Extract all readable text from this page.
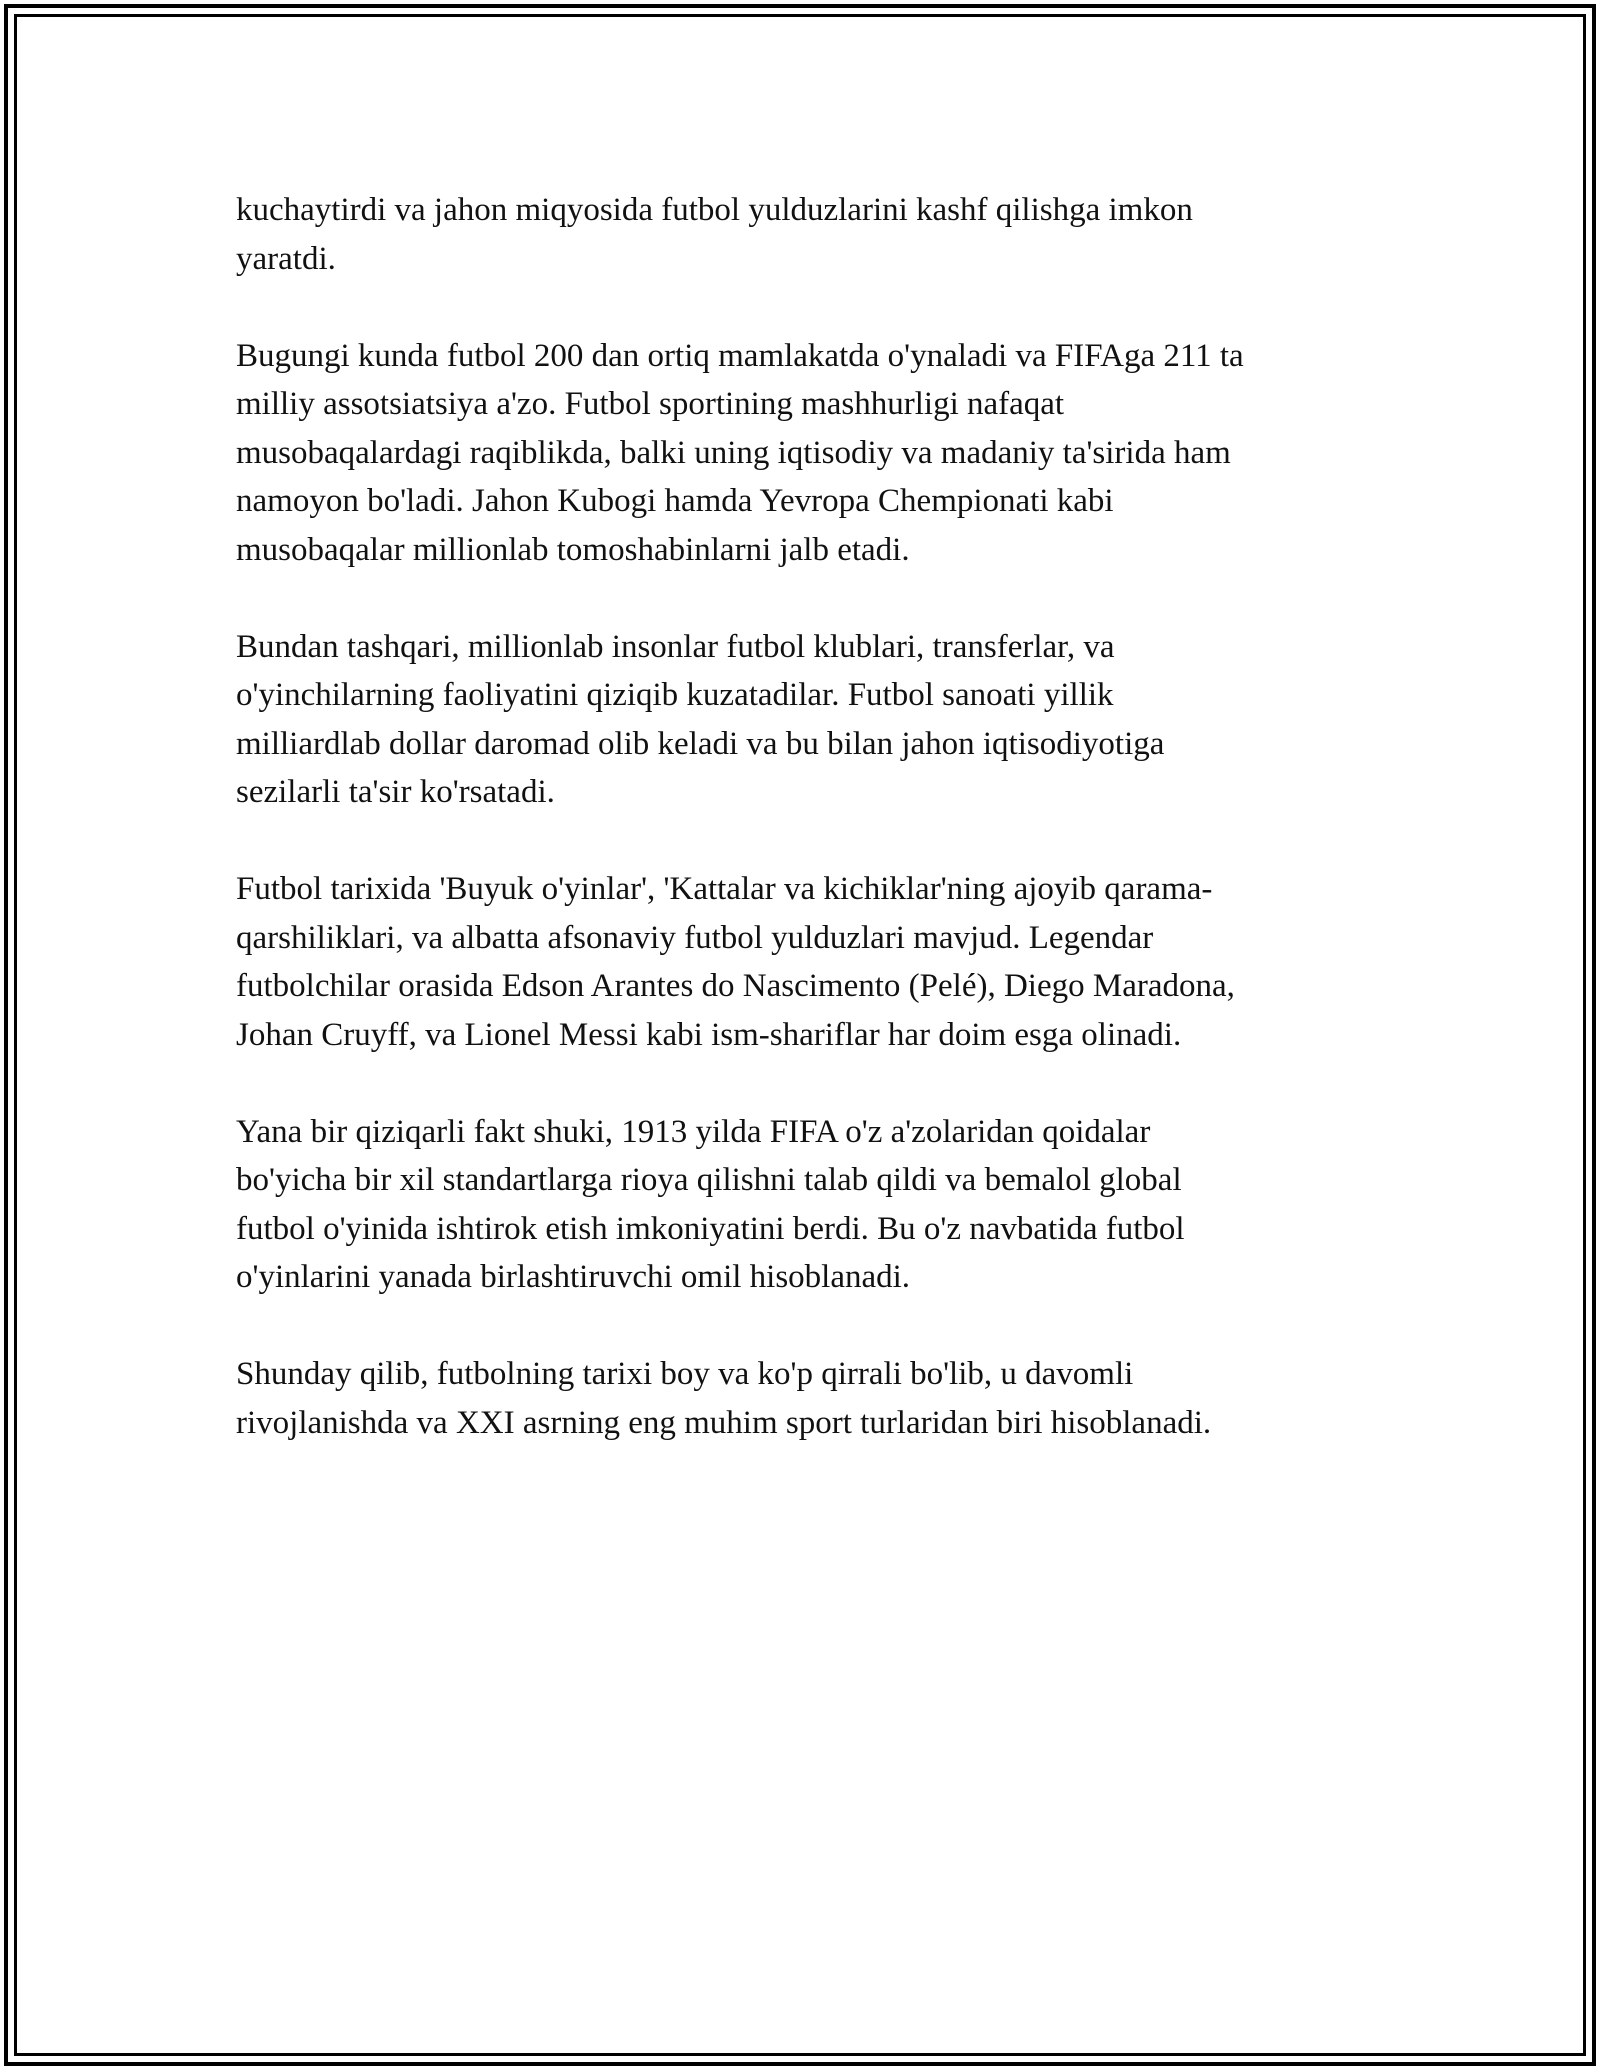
kuchaytirdi va jahon miqyosida futbol yulduzlarini kashf qilishga imkon
yaratdi.

Bugungi kunda futbol 200 dan ortiq mamlakatda o'ynaladi va FIFAga 211 ta
milliy assotsiatsiya a'zo. Futbol sportining mashhurligi nafaqat
musobaqalardagi raqiblikda, balki uning iqtisodiy va madaniy ta'sirida ham
namoyon bo'ladi. Jahon Kubogi hamda Yevropa Chempionati kabi
musobaqalar millionlab tomoshabinlarni jalb etadi.

Bundan tashqari, millionlab insonlar futbol klublari, transferlar, va
o'yinchilarning faoliyatini qiziqib kuzatadilar. Futbol sanoati yillik
milliardlab dollar daromad olib keladi va bu bilan jahon iqtisodiyotiga
sezilarli ta'sir ko'rsatadi.

Futbol tarixida 'Buyuk o'yinlar', 'Kattalar va kichiklar'ning ajoyib qarama-
qarshiliklari, va albatta afsonaviy futbol yulduzlari mavjud. Legendar
futbolchilar orasida Edson Arantes do Nascimento (Pelé), Diego Maradona,
Johan Cruyff, va Lionel Messi kabi ism-shariflar har doim esga olinadi.

Yana bir qiziqarli fakt shuki, 1913 yilda FIFA o'z a'zolaridan qoidalar
bo'yicha bir xil standartlarga rioya qilishni talab qildi va bemalol global
futbol o'yinida ishtirok etish imkoniyatini berdi. Bu o'z navbatida futbol
o'yinlarini yanada birlashtiruvchi omil hisoblanadi.

Shunday qilib, futbolning tarixi boy va ko'p qirrali bo'lib, u davomli
rivojlanishda va XXI asrning eng muhim sport turlaridan biri hisoblanadi.
